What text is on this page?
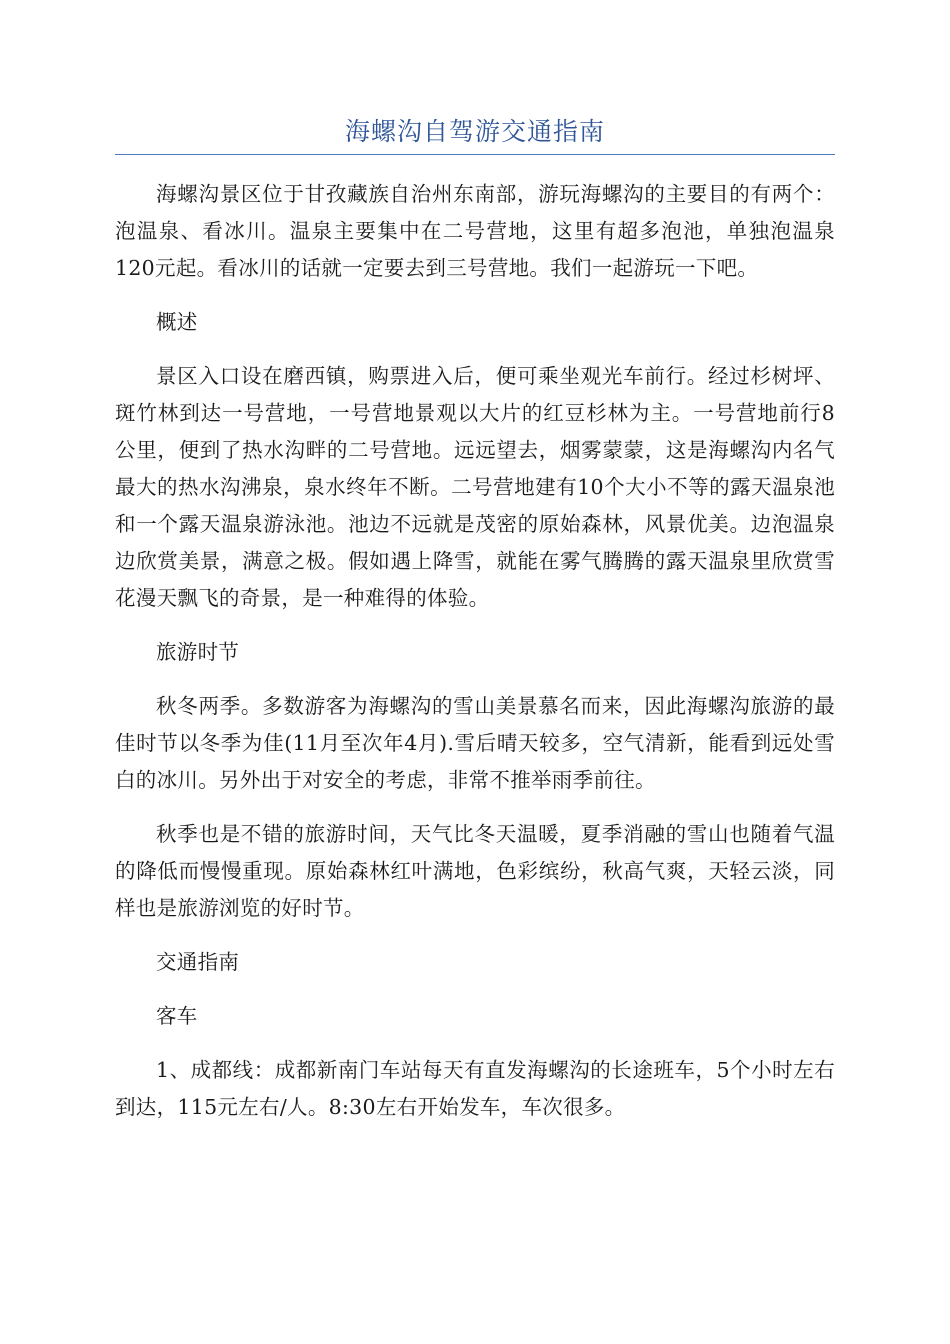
海螺沟自驾游交通指南

海螺沟景区位于甘孜藏族自治州东南部，游玩海螺沟的主要目的有两个：泡温泉、看冰川。温泉主要集中在二号营地，这里有超多泡池，单独泡温泉120元起。看冰川的话就一定要去到三号营地。我们一起游玩一下吧。

概述

景区入口设在磨西镇，购票进入后，便可乘坐观光车前行。经过杉树坪、斑竹林到达一号营地，一号营地景观以大片的红豆杉林为主。一号营地前行8公里，便到了热水沟畔的二号营地。远远望去，烟雾蒙蒙，这是海螺沟内名气最大的热水沟沸泉，泉水终年不断。二号营地建有10个大小不等的露天温泉池和一个露天温泉游泳池。池边不远就是茂密的原始森林，风景优美。边泡温泉边欣赏美景，满意之极。假如遇上降雪，就能在雾气腾腾的露天温泉里欣赏雪花漫天飘飞的奇景，是一种难得的体验。

旅游时节

秋冬两季。多数游客为海螺沟的雪山美景慕名而来，因此海螺沟旅游的最佳时节以冬季为佳(11月至次年4月).雪后晴天较多，空气清新，能看到远处雪白的冰川。另外出于对安全的考虑，非常不推举雨季前往。

秋季也是不错的旅游时间，天气比冬天温暖，夏季消融的雪山也随着气温的降低而慢慢重现。原始森林红叶满地，色彩缤纷，秋高气爽，天轻云淡，同样也是旅游浏览的好时节。

交通指南

客车

1、成都线：成都新南门车站每天有直发海螺沟的长途班车，5个小时左右到达，115元左右/人。8:30左右开始发车，车次很多。
